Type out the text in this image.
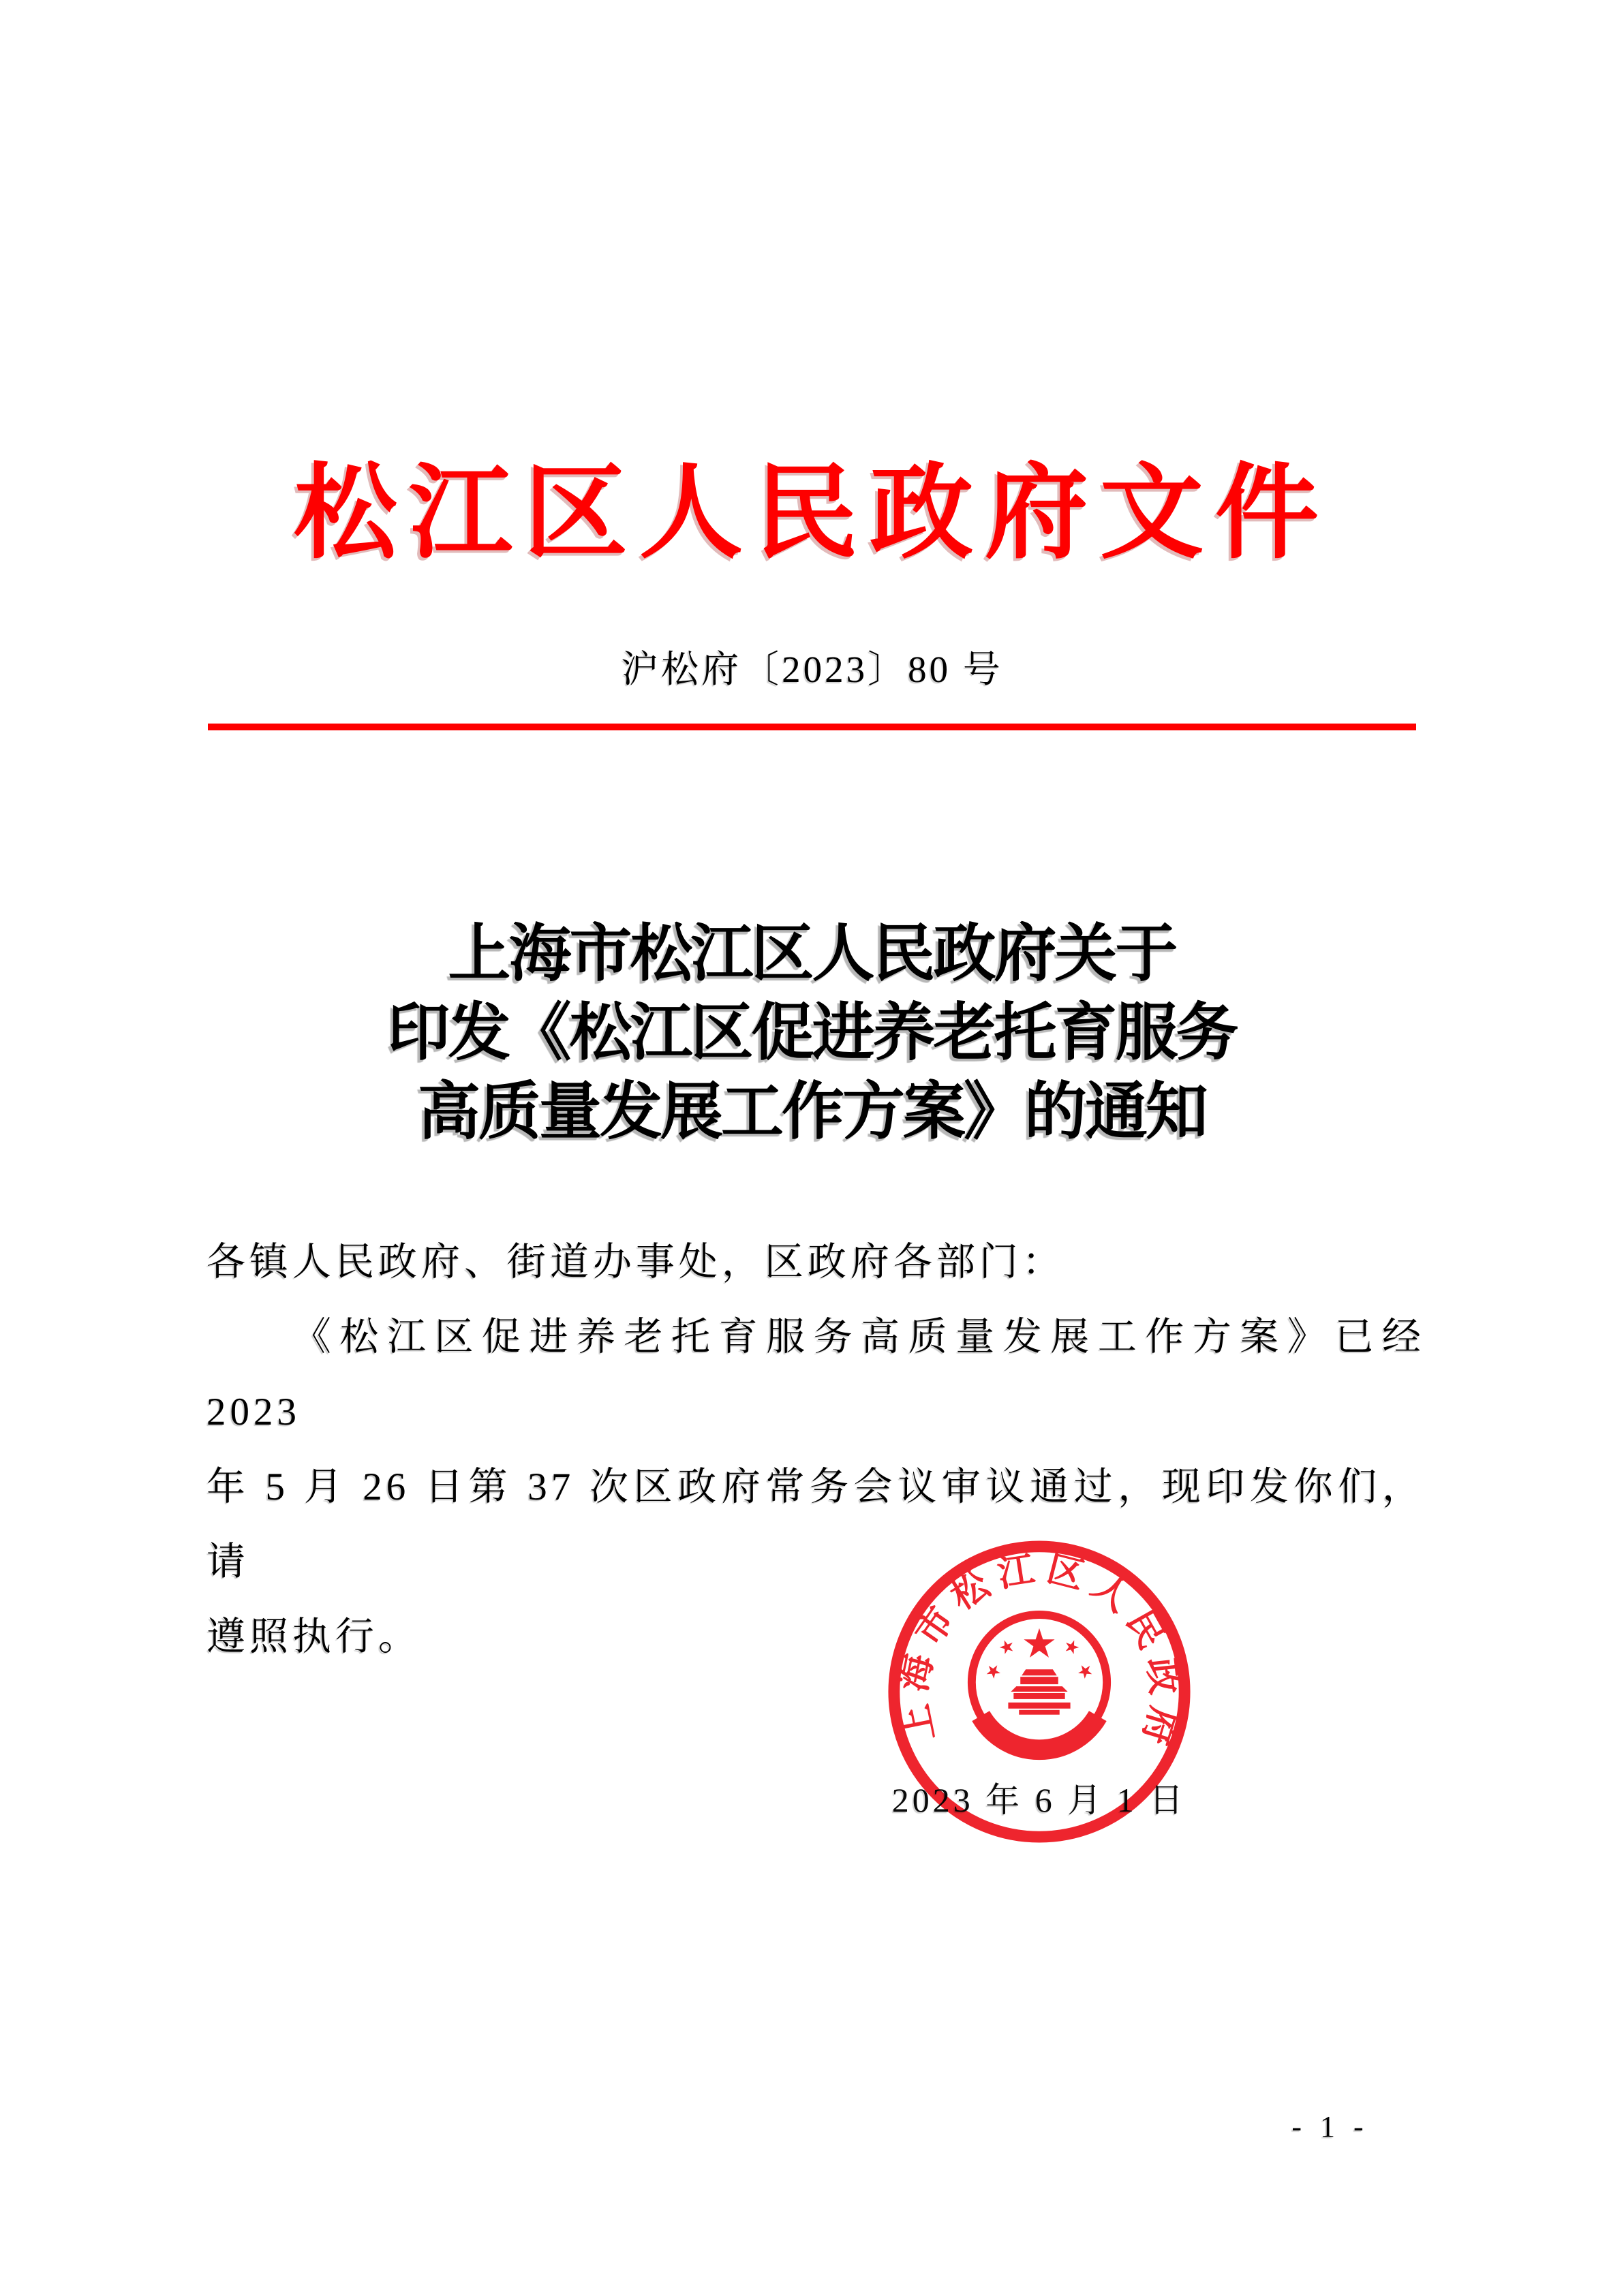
松江区人民政府文件
沪松府〔2023〕80 号
上海市松江区人民政府关于
印发《松江区促进养老托育服务
高质量发展工作方案》的通知
各镇人民政府、街道办事处，区政府各部门：
《松江区促进养老托育服务高质量发展工作方案》已经 2023
年 5 月 26 日第 37 次区政府常务会议审议通过，现印发你们，请
遵照执行。
2023 年 6 月 1 日
上海市松江区人民政府
- 1 -
